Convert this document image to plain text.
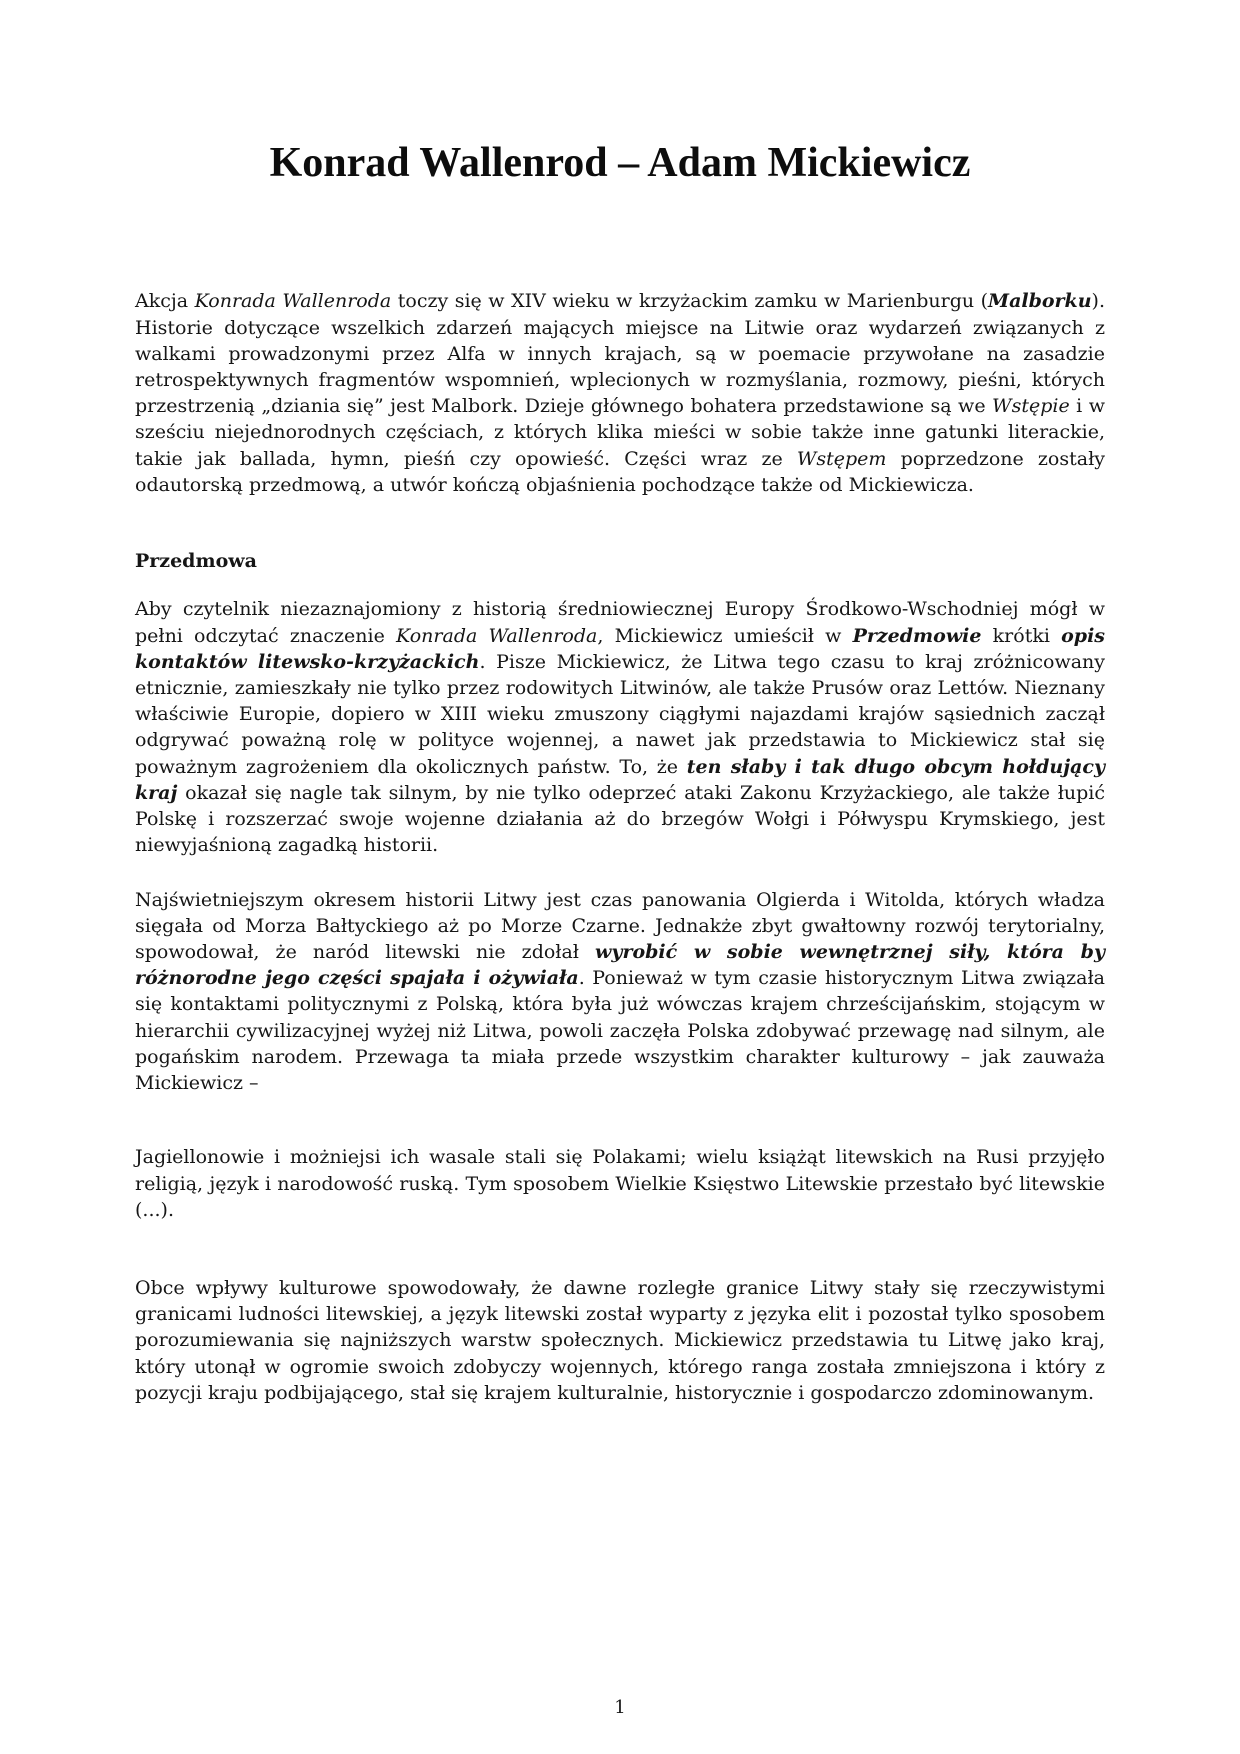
Konrad Wallenrod – Adam Mickiewicz

Akcja Konrada Wallenroda toczy się w XIV wieku w krzyżackim zamku w Marienburgu (Malborku). Historie dotyczące wszelkich zdarzeń mających miejsce na Litwie oraz wydarzeń związanych z walkami prowadzonymi przez Alfa w innych krajach, są w poemacie przywołane na zasadzie retrospektywnych fragmentów wspomnień, wplecionych w rozmyślania, rozmowy, pieśni, których przestrzenią „dziania się” jest Malbork. Dzieje głównego bohatera przedstawione są we Wstępie i w sześciu niejednorodnych częściach, z których klika mieści w sobie także inne gatunki literackie, takie jak ballada, hymn, pieśń czy opowieść. Części wraz ze Wstępem poprzedzone zostały odautorską przedmową, a utwór kończą objaśnienia pochodzące także od Mickiewicza.

Przedmowa

Aby czytelnik niezaznajomiony z historią średniowiecznej Europy Środkowo-Wschodniej mógł w pełni odczytać znaczenie Konrada Wallenroda, Mickiewicz umieścił w Przedmowie krótki opis kontaktów litewsko-krzyżackich. Pisze Mickiewicz, że Litwa tego czasu to kraj zróżnicowany etnicznie, zamieszkały nie tylko przez rodowitych Litwinów, ale także Prusów oraz Lettów. Nieznany właściwie Europie, dopiero w XIII wieku zmuszony ciągłymi najazdami krajów sąsiednich zaczął odgrywać poważną rolę w polityce wojennej, a nawet jak przedstawia to Mickiewicz stał się poważnym zagrożeniem dla okolicznych państw. To, że ten słaby i tak długo obcym hołdujący kraj okazał się nagle tak silnym, by nie tylko odeprzeć ataki Zakonu Krzyżackiego, ale także łupić Polskę i rozszerzać swoje wojenne działania aż do brzegów Wołgi i Półwyspu Krymskiego, jest niewyjaśnioną zagadką historii.

Najświetniejszym okresem historii Litwy jest czas panowania Olgierda i Witolda, których władza sięgała od Morza Bałtyckiego aż po Morze Czarne. Jednakże zbyt gwałtowny rozwój terytorialny, spowodował, że naród litewski nie zdołał wyrobić w sobie wewnętrznej siły, która by różnorodne jego części spajała i ożywiała. Ponieważ w tym czasie historycznym Litwa związała się kontaktami politycznymi z Polską, która była już wówczas krajem chrześcijańskim, stojącym w hierarchii cywilizacyjnej wyżej niż Litwa, powoli zaczęła Polska zdobywać przewagę nad silnym, ale pogańskim narodem. Przewaga ta miała przede wszystkim charakter kulturowy – jak zauważa Mickiewicz –

Jagiellonowie i możniejsi ich wasale stali się Polakami; wielu książąt litewskich na Rusi przyjęło religią, język i narodowość ruską. Tym sposobem Wielkie Księstwo Litewskie przestało być litewskie (...).

Obce wpływy kulturowe spowodowały, że dawne rozległe granice Litwy stały się rzeczywistymi granicami ludności litewskiej, a język litewski został wyparty z języka elit i pozostał tylko sposobem porozumiewania się najniższych warstw społecznych. Mickiewicz przedstawia tu Litwę jako kraj, który utonął w ogromie swoich zdobyczy wojennych, którego ranga została zmniejszona i który z pozycji kraju podbijającego, stał się krajem kulturalnie, historycznie i gospodarczo zdominowanym.

1
